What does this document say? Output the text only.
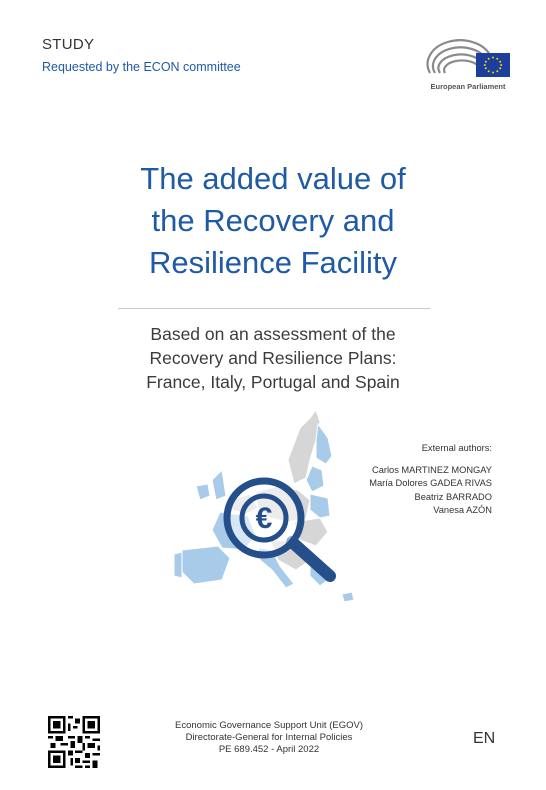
STUDY
Requested by the ECON committee
European Parliament
The added value of
the Recovery and
Resilience Facility
Based on an assessment of the
Recovery and Resilience Plans:
France, Italy, Portugal and Spain
€
External authors:
Carlos MARTINEZ MONGAY
María Dolores GADEA RIVAS
Beatriz BARRADO
Vanesa AZÓN
Economic Governance Support Unit (EGOV)
Directorate-General for Internal Policies
PE 689.452 - April 2022
EN
